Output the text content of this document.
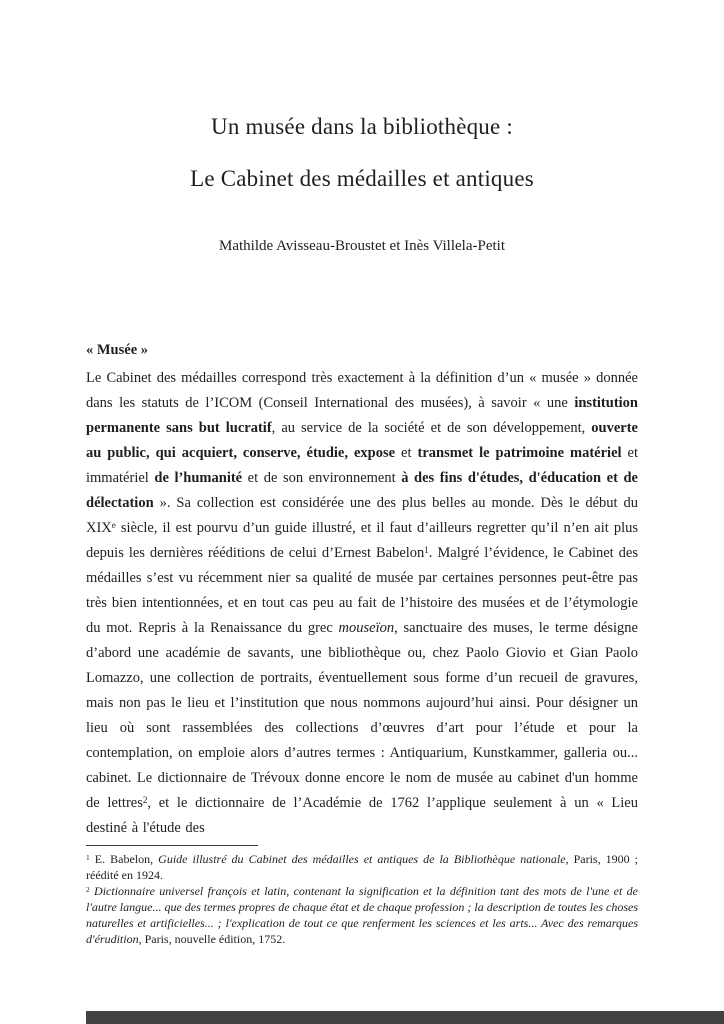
Un musée dans la bibliothèque :
Le Cabinet des médailles et antiques
Mathilde Avisseau-Broustet et Inès Villela-Petit
« Musée »

Le Cabinet des médailles correspond très exactement à la définition d’un « musée » donnée dans les statuts de l’ICOM (Conseil International des musées), à savoir « une institution permanente sans but lucratif, au service de la société et de son développement, ouverte au public, qui acquiert, conserve, étudie, expose et transmet le patrimoine matériel et immatériel de l’humanité et de son environnement à des fins d'études, d'éducation et de délectation ». Sa collection est considérée une des plus belles au monde. Dès le début du XIXe siècle, il est pourvu d’un guide illustré, et il faut d’ailleurs regretter qu’il n’en ait plus depuis les dernières rééditions de celui d’Ernest Babelon$^1$. Malgré l’évidence, le Cabinet des médailles s’est vu récemment nier sa qualité de musée par certaines personnes peut-être pas très bien intentionnées, et en tout cas peu au fait de l’histoire des musées et de l’étymologie du mot. Repris à la Renaissance du grec mouseïon, sanctuaire des muses, le terme désigne d’abord une académie de savants, une bibliothèque ou, chez Paolo Giovio et Gian Paolo Lomazzo, une collection de portraits, éventuellement sous forme d’un recueil de gravures, mais non pas le lieu et l’institution que nous nommons aujourd’hui ainsi. Pour désigner un lieu où sont rassemblées des collections d’œuvres d’art pour l’étude et pour la contemplation, on emploie alors d’autres termes : Antiquarium, Kunstkammer, galleria ou... cabinet. Le dictionnaire de Trévoux donne encore le nom de musée au cabinet d'un homme de lettres$^2$, et le dictionnaire de l’Académie de 1762 l’applique seulement à un « Lieu destiné à l'étude des

$^1$ E. Babelon, Guide illustré du Cabinet des médailles et antiques de la Bibliothèque nationale, Paris, 1900 ; réédité en 1924.

$^2$ Dictionnaire universel françois et latin, contenant la signification et la définition tant des mots de l'une et de l'autre langue... que des termes propres de chaque état et de chaque profession ; la description de toutes les choses naturelles et artificielles... ; l'explication de tout ce que renferment les sciences et les arts... Avec des remarques d'érudition, Paris, nouvelle édition, 1752.
